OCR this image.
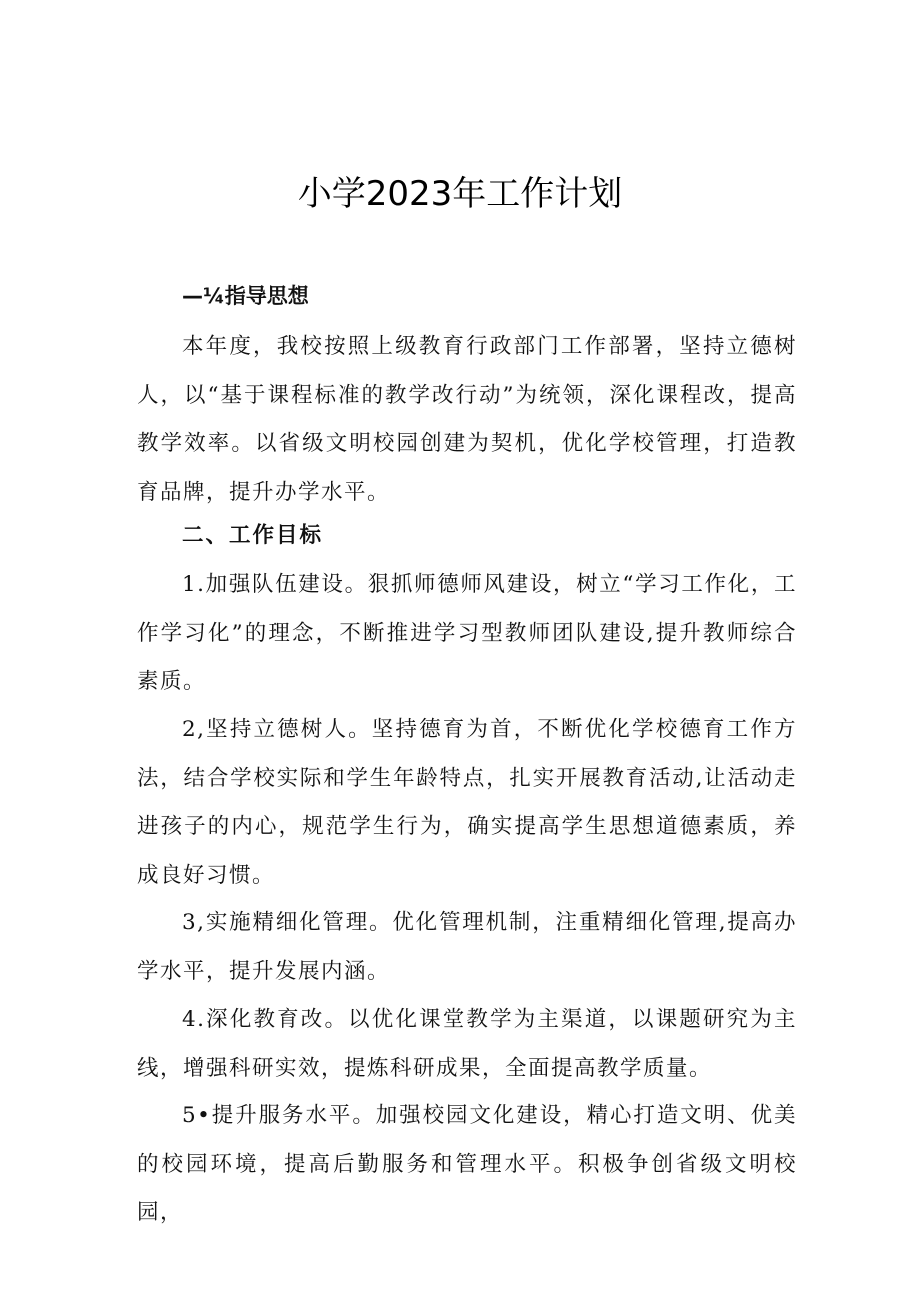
小学2023年工作计划
—¼指导思想

本年度，我校按照上级教育行政部门工作部署，坚持立德树人，以“基于课程标准的教学改行动”为统领，深化课程改，提高教学效率。以省级文明校园创建为契机，优化学校管理，打造教育品牌，提升办学水平。

二、工作目标

1.加强队伍建设。狠抓师德师风建设，树立“学习工作化，工作学习化”的理念，不断推进学习型教师团队建设,提升教师综合素质。

2,坚持立德树人。坚持德育为首，不断优化学校德育工作方法，结合学校实际和学生年龄特点，扎实开展教育活动,让活动走进孩子的内心，规范学生行为，确实提高学生思想道德素质，养成良好习惯。

3,实施精细化管理。优化管理机制，注重精细化管理,提高办学水平，提升发展内涵。

4.深化教育改。以优化课堂教学为主渠道，以课题研究为主线，增强科研实效，提炼科研成果，全面提高教学质量。

5•提升服务水平。加强校园文化建设，精心打造文明、优美的校园环境，提高后勤服务和管理水平。积极争创省级文明校园，
